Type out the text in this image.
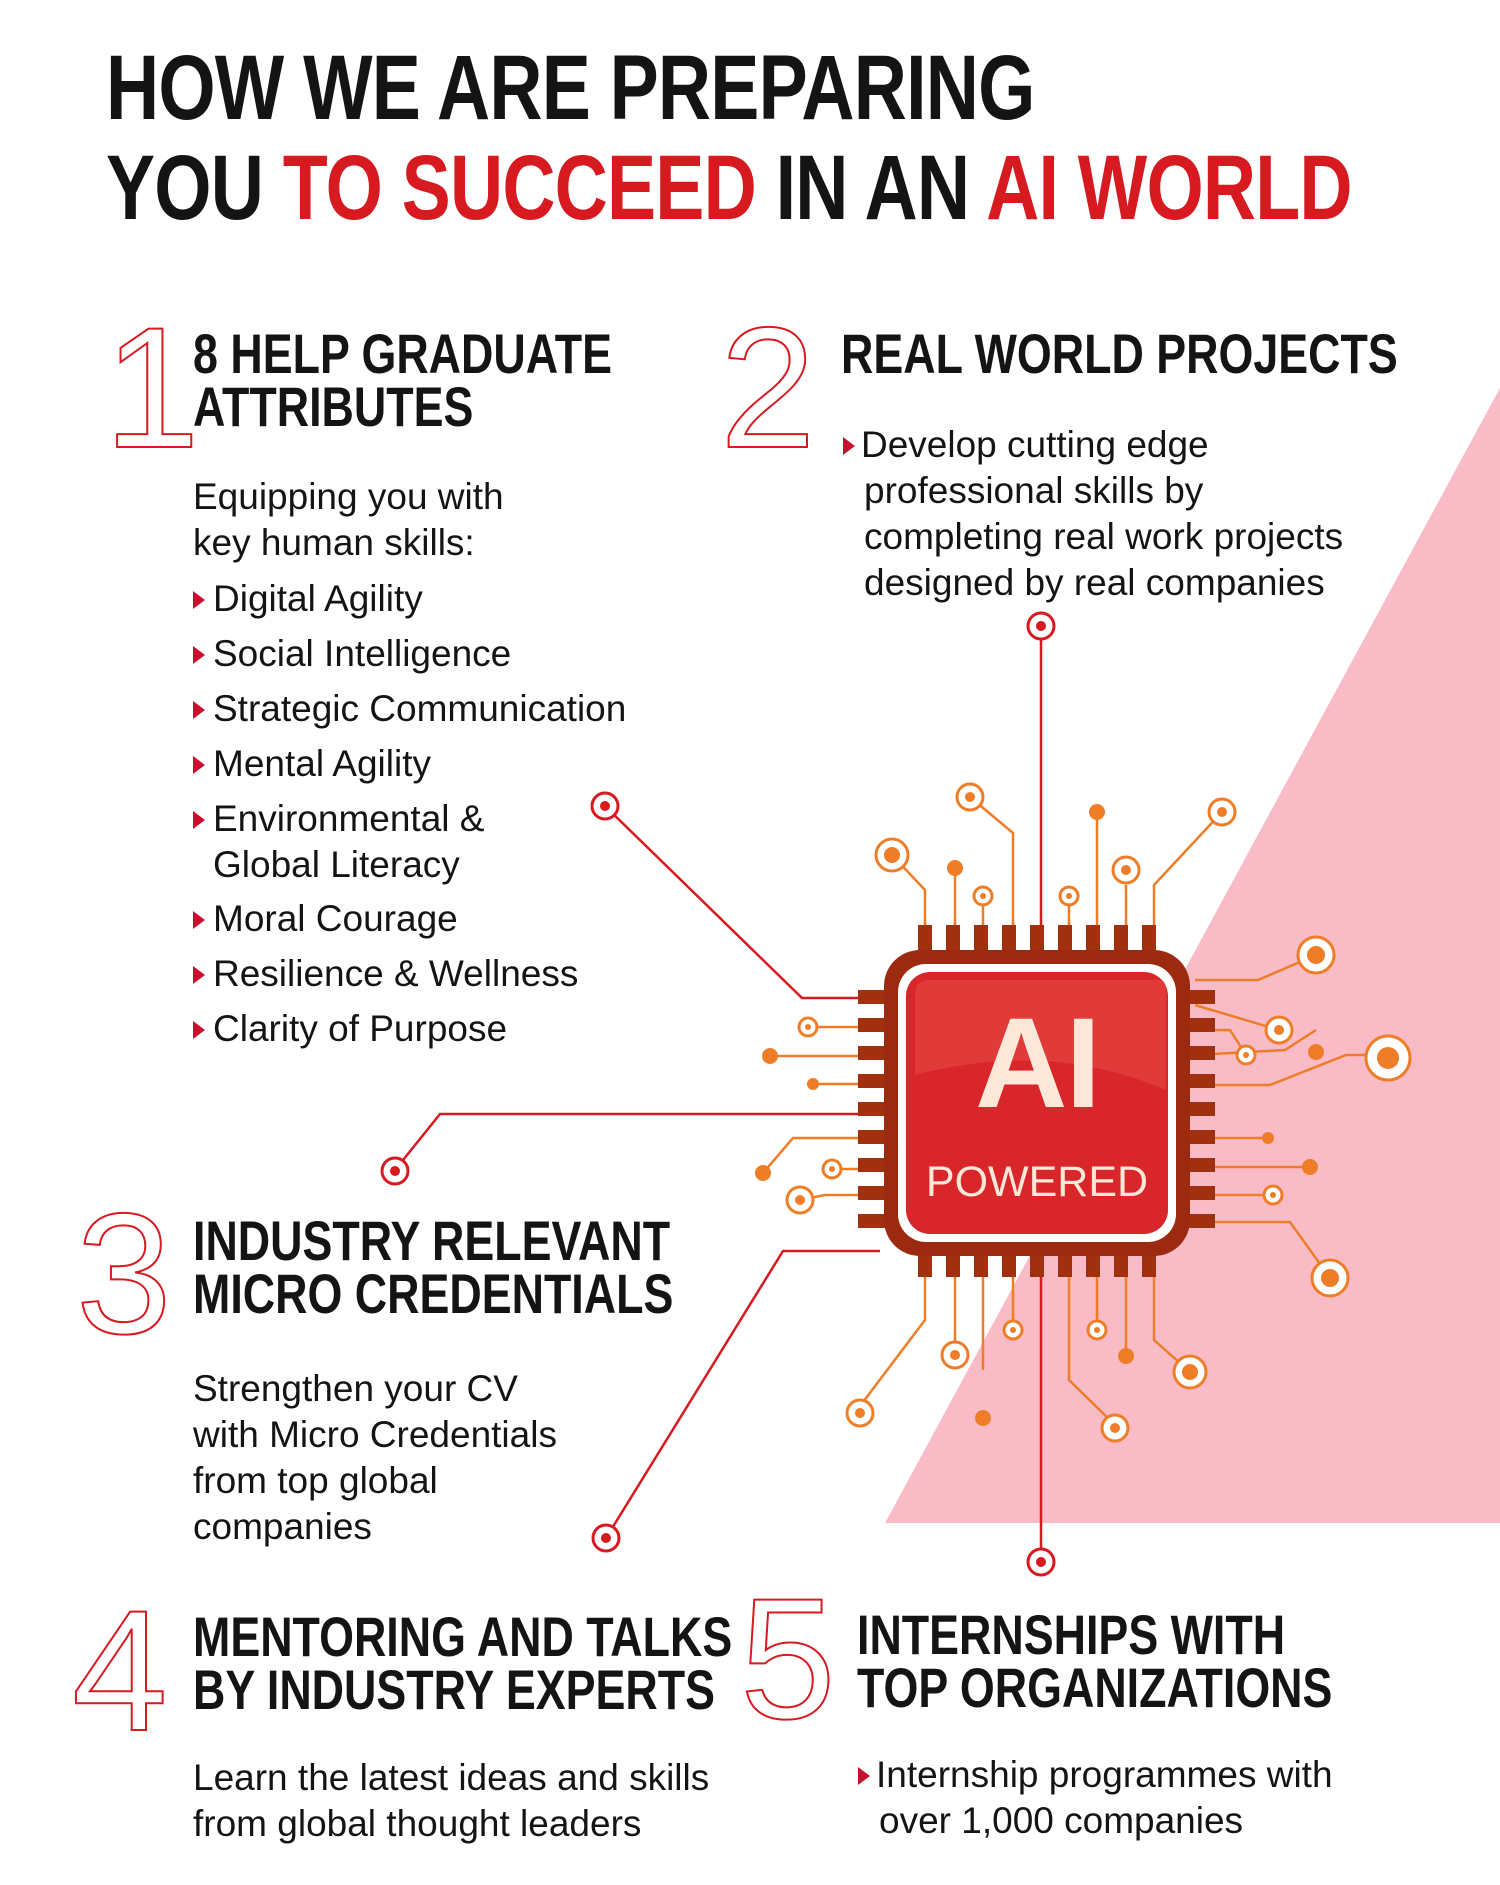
AI
POWERED
HOW WE ARE PREPARING
YOU TO SUCCEED IN AN AI WORLD
1
8 HELP GRADUATE
ATTRIBUTES
Equipping you with
key human skills:
Digital Agility
Social Intelligence
Strategic Communication
Mental Agility
Environmental &
Global Literacy
Moral Courage
Resilience & Wellness
Clarity of Purpose
2 REAL WORLD PROJECTS
Develop cutting edge
professional skills by
completing real work projects
designed by real companies
3 INDUSTRY RELEVANT
MICRO CREDENTIALS
Strengthen your CV
with Micro Credentials
from top global
companies
4 MENTORING AND TALKS
BY INDUSTRY EXPERTS
Learn the latest ideas and skills
from global thought leaders
5 INTERNSHIPS WITH
TOP ORGANIZATIONS
Internship programmes with
over 1,000 companies
